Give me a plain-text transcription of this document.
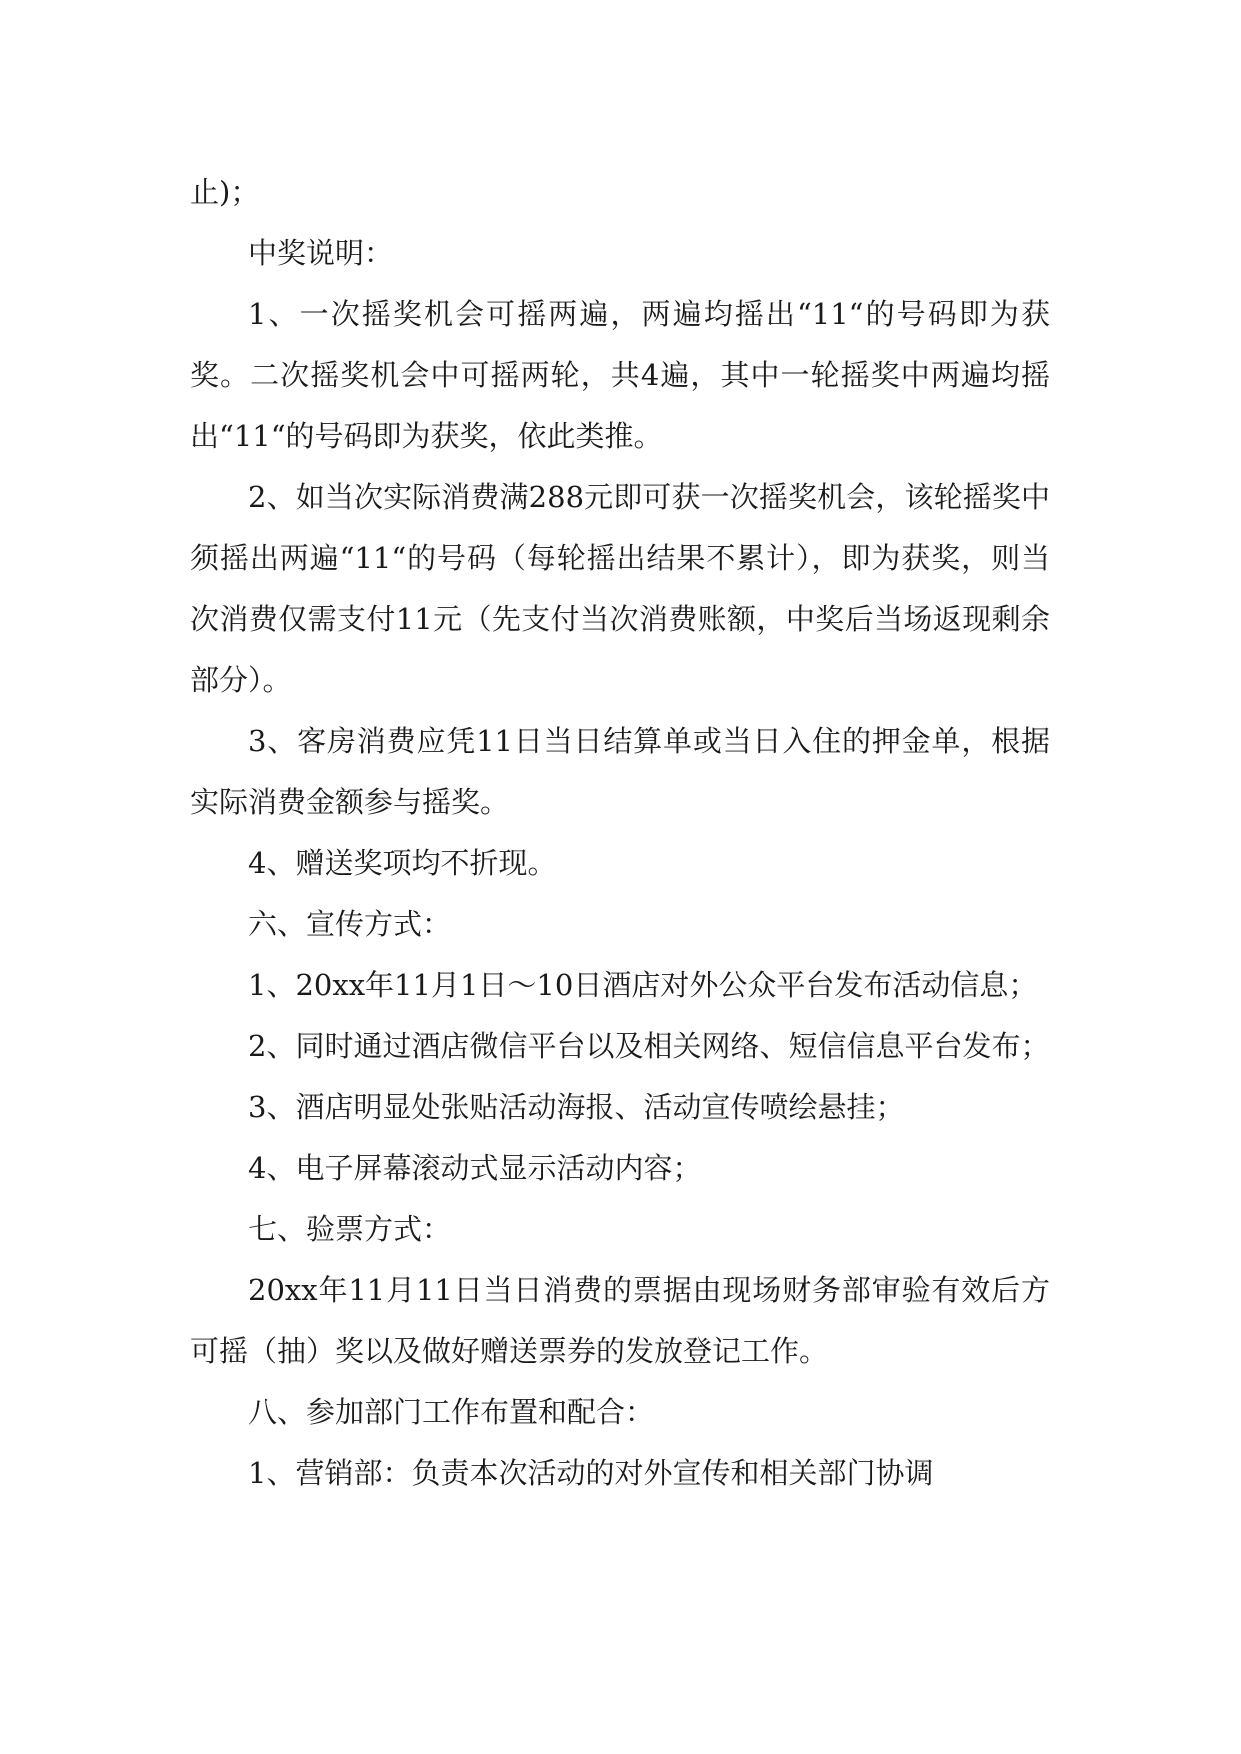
止)；

中奖说明：

1、一次摇奖机会可摇两遍，两遍均摇出“11“的号码即为获奖。二次摇奖机会中可摇两轮，共4遍，其中一轮摇奖中两遍均摇出“11“的号码即为获奖，依此类推。

2、如当次实际消费满288元即可获一次摇奖机会，该轮摇奖中须摇出两遍“11“的号码（每轮摇出结果不累计），即为获奖，则当次消费仅需支付11元（先支付当次消费账额，中奖后当场返现剩余部分）。

3、客房消费应凭11日当日结算单或当日入住的押金单，根据实际消费金额参与摇奖。

4、赠送奖项均不折现。

六、宣传方式：

1、20xx年11月1日～10日酒店对外公众平台发布活动信息；

2、同时通过酒店微信平台以及相关网络、短信信息平台发布；

3、酒店明显处张贴活动海报、活动宣传喷绘悬挂；

4、电子屏幕滚动式显示活动内容；

七、验票方式：

20xx年11月11日当日消费的票据由现场财务部审验有效后方可摇（抽）奖以及做好赠送票券的发放登记工作。

八、参加部门工作布置和配合：

1、营销部：负责本次活动的对外宣传和相关部门协调
